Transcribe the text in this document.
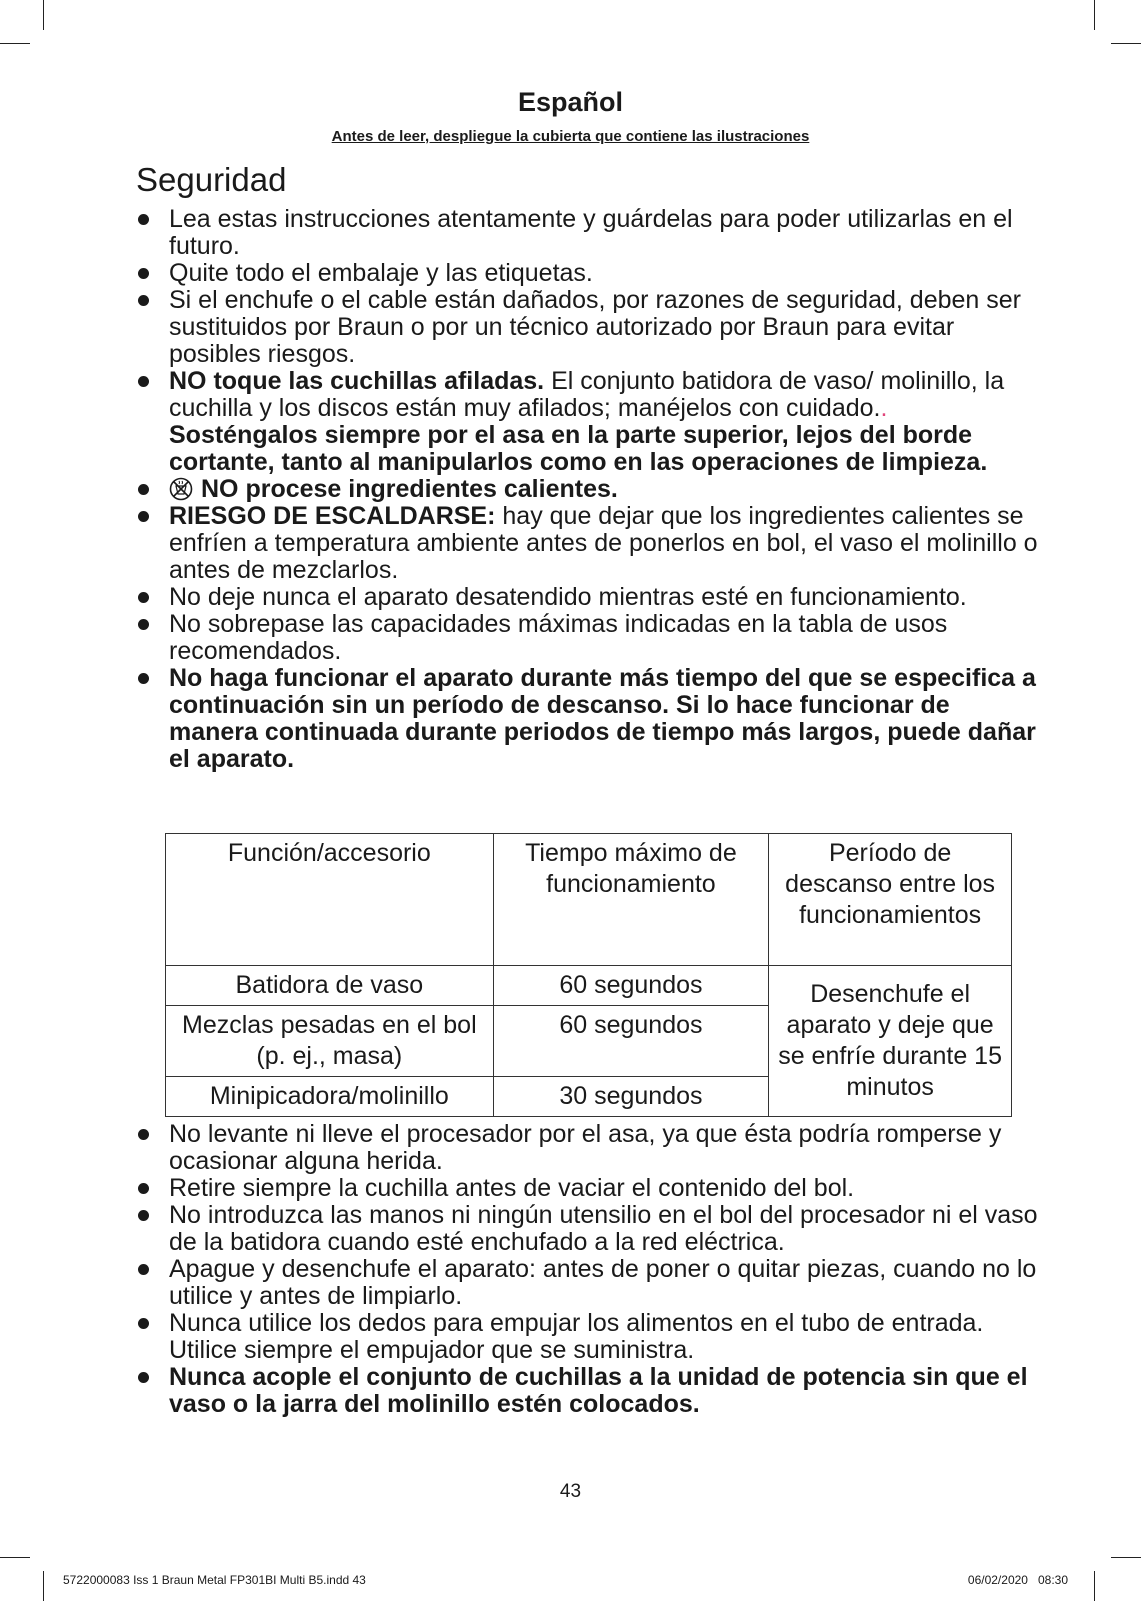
Español

Antes de leer, despliegue la cubierta que contiene las ilustraciones

Seguridad
Lea estas instrucciones atentamente y guárdelas para poder utilizarlas en el futuro.
Quite todo el embalaje y las etiquetas.
Si el enchufe o el cable están dañados, por razones de seguridad, deben ser sustituidos por Braun o por un técnico autorizado por Braun para evitar posibles riesgos.
NO toque las cuchillas afiladas. El conjunto batidora de vaso/ molinillo, la cuchilla y los discos están muy afilados; manéjelos con cuidado.. Sosténgalos siempre por el asa en la parte superior, lejos del borde cortante, tanto al manipularlos como en las operaciones de limpieza.
NO procese ingredientes calientes.
RIESGO DE ESCALDARSE: hay que dejar que los ingredientes calientes se enfríen a temperatura ambiente antes de ponerlos en bol, el vaso el molinillo o antes de mezclarlos.
No deje nunca el aparato desatendido mientras esté en funcionamiento.
No sobrepase las capacidades máximas indicadas en la tabla de usos recomendados.
No haga funcionar el aparato durante más tiempo del que se especifica a continuación sin un período de descanso. Si lo hace funcionar de manera continuada durante periodos de tiempo más largos, puede dañar el aparato.
Función/accesorio	Tiempo máximo de funcionamiento	Período de descanso entre los funcionamientos
Batidora de vaso	60 segundos	Desenchufe el aparato y deje que se enfríe durante 15 minutos
Mezclas pesadas en el bol (p. ej., masa)	60 segundos	
Minipicadora/molinillo	30 segundos	
No levante ni lleve el procesador por el asa, ya que ésta podría romperse y ocasionar alguna herida.
Retire siempre la cuchilla antes de vaciar el contenido del bol.
No introduzca las manos ni ningún utensilio en el bol del procesador ni el vaso de la batidora cuando esté enchufado a la red eléctrica.
Apague y desenchufe el aparato: antes de poner o quitar piezas, cuando no lo utilice y antes de limpiarlo.
Nunca utilice los dedos para empujar los alimentos en el tubo de entrada. Utilice siempre el empujador que se suministra.
Nunca acople el conjunto de cuchillas a la unidad de potencia sin que el vaso o la jarra del molinillo estén colocados.

43

5722000083 Iss 1 Braun Metal FP301BI Multi B5.indd 43	06/02/2020   08:30
